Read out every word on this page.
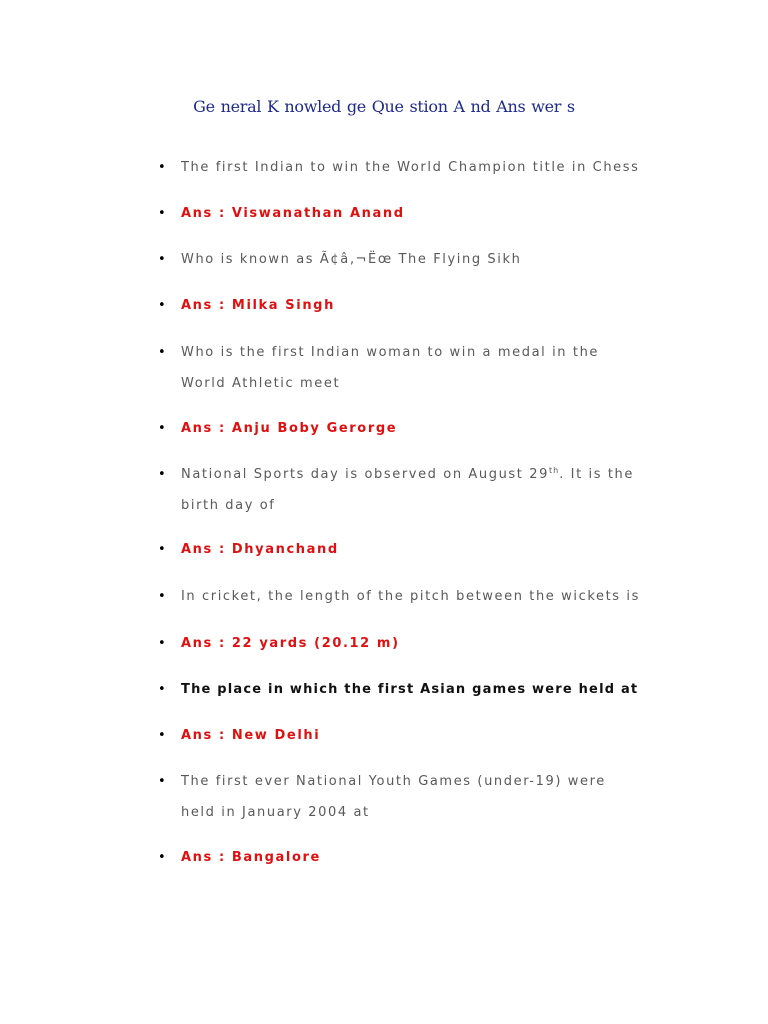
Ge neral K nowled ge Que stion A nd Ans wer s
• The first Indian to win the World Champion title in Chess
• Ans : Viswanathan Anand
• Who is known as Ã¢â‚¬Ëœ The Flying Sikh
• Ans : Milka Singh
• Who is the first Indian woman to win a medal in the
World Athletic meet
• Ans : Anju Boby Gerorge
• National Sports day is observed on August 29th. It is the
birth day of
• Ans : Dhyanchand
• In cricket, the length of the pitch between the wickets is
• Ans : 22 yards (20.12 m)
• The place in which the first Asian games were held at
• Ans : New Delhi
• The first ever National Youth Games (under-19) were
held in January 2004 at
• Ans : Bangalore
